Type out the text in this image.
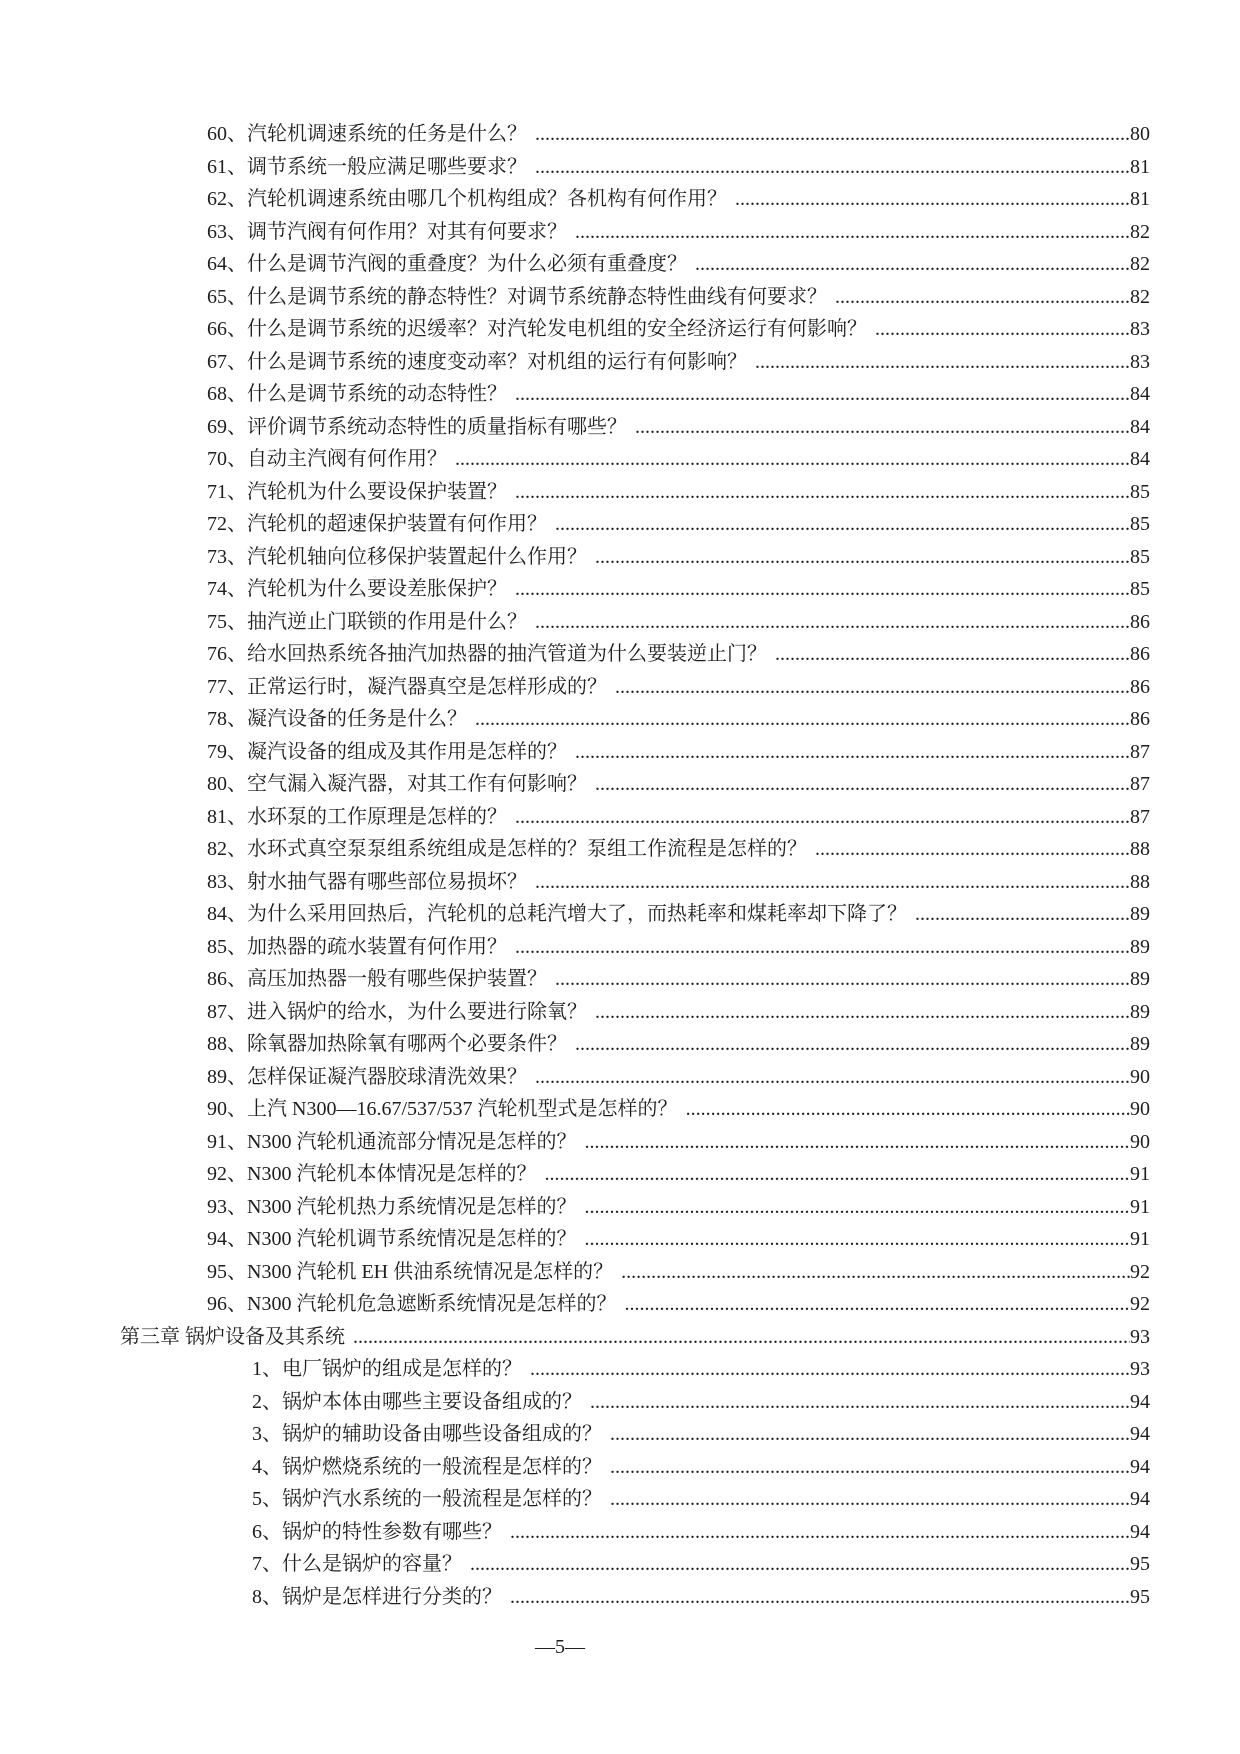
60 、 汽轮机调速系统的任务是什么？ .....	80
61 、 调节系统一般应满足哪些要求？ .....	81
62 、 汽轮机调速系统由哪几个机构组成？各机构有何作用？ .....	81
63 、 调节汽阀有何作用？对其有何要求？ .....	82
64 、 什么是调节汽阀的重叠度？为什么必须有重叠度？ .....	82
65 、 什么是调节系统的静态特性？对调节系统静态特性曲线有何要求？ .....	82
66 、 什么是调节系统的迟缓率？对汽轮发电机组的安全经济运行有何影响？ .....	83
67 、 什么是调节系统的速度变动率？对机组的运行有何影响？ .....	83
68 、 什么是调节系统的动态特性？ .....	84
69 、 评价调节系统动态特性的质量指标有哪些？ .....	84
70 、 自动主汽阀有何作用？ .....	84
71 、 汽轮机为什么要设保护装置？ .....	85
72 、 汽轮机的超速保护装置有何作用？ .....	85
73 、 汽轮机轴向位移保护装置起什么作用？ .....	85
74 、 汽轮机为什么要设差胀保护？ .....	85
75 、 抽汽逆止门联锁的作用是什么？ .....	86
76 、 给水回热系统各抽汽加热器的抽汽管道为什么要装逆止门？ .....	86
77 、 正常运行时，凝汽器真空是怎样形成的？ .....	86
78 、 凝汽设备的任务是什么？ .....	86
79 、 凝汽设备的组成及其作用是怎样的？ .....	87
80 、 空气漏入凝汽器，对其工作有何影响？ .....	87
81 、 水环泵的工作原理是怎样的？ .....	87
82 、 水环式真空泵泵组系统组成是怎样的？泵组工作流程是怎样的？ .....	88
83 、 射水抽气器有哪些部位易损坏？ .....	88
84 、 为什么采用回热后，汽轮机的总耗汽增大了，而热耗率和煤耗率却下降了？ .....	89
85 、 加热器的疏水装置有何作用？ .....	89
86 、 高压加热器一般有哪些保护装置？ .....	89
87 、 进入锅炉的给水，为什么要进行除氧？ .....	89
88 、 除氧器加热除氧有哪两个必要条件？ .....	89
89 、 怎样保证凝汽器胶球清洗效果？ .....	90
90 、 上汽 N300—16.67/537/537 汽轮机型式是怎样的？ .....	90
91 、 N300 汽轮机通流部分情况是怎样的？ .....	90
92 、 N300 汽轮机本体情况是怎样的？ .....	91
93 、 N300 汽轮机热力系统情况是怎样的？ .....	91
94 、 N300 汽轮机调节系统情况是怎样的？ .....	91
95 、 N300 汽轮机 EH 供油系统情况是怎样的？ .....	92
96 、 N300 汽轮机危急遮断系统情况是怎样的？ .....	92
第三章 锅炉设备及其系统 .....	93
1 、 电厂锅炉的组成是怎样的？ .....	93
2 、 锅炉本体由哪些主要设备组成的？ .....	94
3 、 锅炉的辅助设备由哪些设备组成的？ .....	94
4 、 锅炉燃烧系统的一般流程是怎样的？ .....	94
5 、 锅炉汽水系统的一般流程是怎样的？ .....	94
6 、 锅炉的特性参数有哪些？ .....	94
7 、 什么是锅炉的容量？ .....	95
8 、 锅炉是怎样进行分类的？ .....	95
—5—
